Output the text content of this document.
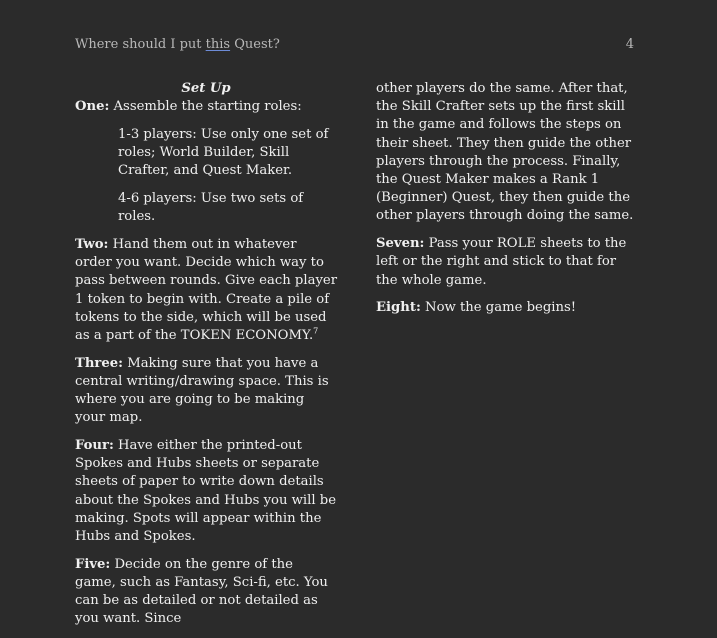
Where should I put this Quest?	4

Set Up

One: Assemble the starting roles:

1-3 players: Use only one set of roles; World Builder, Skill Crafter, and Quest Maker.

4-6 players: Use two sets of roles.

Two: Hand them out in whatever order you want. Decide which way to pass between rounds. Give each player 1 token to begin with. Create a pile of tokens to the side, which will be used as a part of the TOKEN ECONOMY.$^7$

Three: Making sure that you have a central writing/drawing space. This is where you are going to be making your map.

Four: Have either the printed-out Spokes and Hubs sheets or separate sheets of paper to write down details about the Spokes and Hubs you will be making. Spots will appear within the Hubs and Spokes.

Five: Decide on the genre of the game, such as Fantasy, Sci-fi, etc. You can be as detailed or not detailed as you want. Since

other players do the same. After that, the Skill Crafter sets up the first skill in the game and follows the steps on their sheet. They then guide the other players through the process. Finally, the Quest Maker makes a Rank 1 (Beginner) Quest, they then guide the other players through doing the same.

Seven: Pass your ROLE sheets to the left or the right and stick to that for the whole game.

Eight: Now the game begins!
